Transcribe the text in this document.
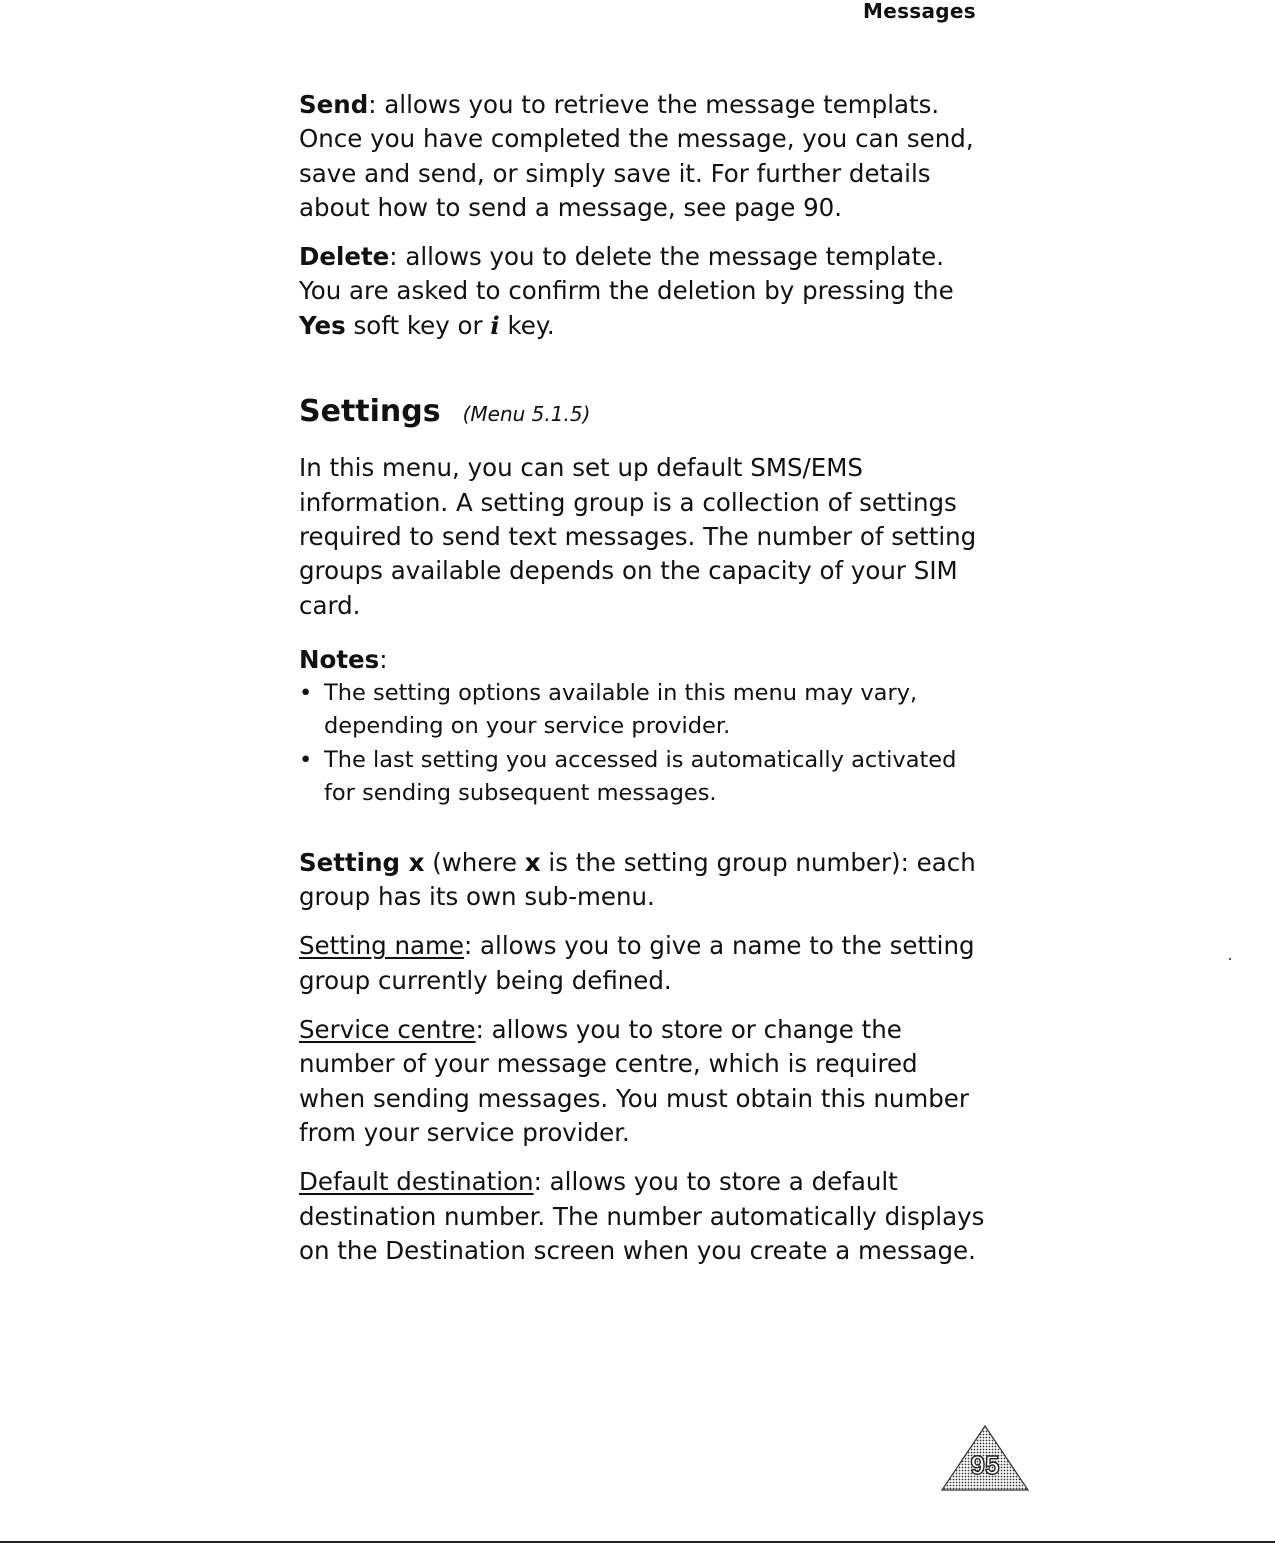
Messages

Send: allows you to retrieve the message templats. Once you have completed the message, you can send, save and send, or simply save it. For further details about how to send a message, see page 90.

Delete: allows you to delete the message template. You are asked to confirm the deletion by pressing the Yes soft key or i key.

Settings (Menu 5.1.5)

In this menu, you can set up default SMS/EMS information. A setting group is a collection of settings required to send text messages. The number of setting groups available depends on the capacity of your SIM card.

Notes:
• The setting options available in this menu may vary, depending on your service provider.
• The last setting you accessed is automatically activated for sending subsequent messages.

Setting x (where x is the setting group number): each group has its own sub-menu.

Setting name: allows you to give a name to the setting group currently being defined.

Service centre: allows you to store or change the number of your message centre, which is required when sending messages. You must obtain this number from your service provider.

Default destination: allows you to store a default destination number. The number automatically displays on the Destination screen when you create a message.

95
